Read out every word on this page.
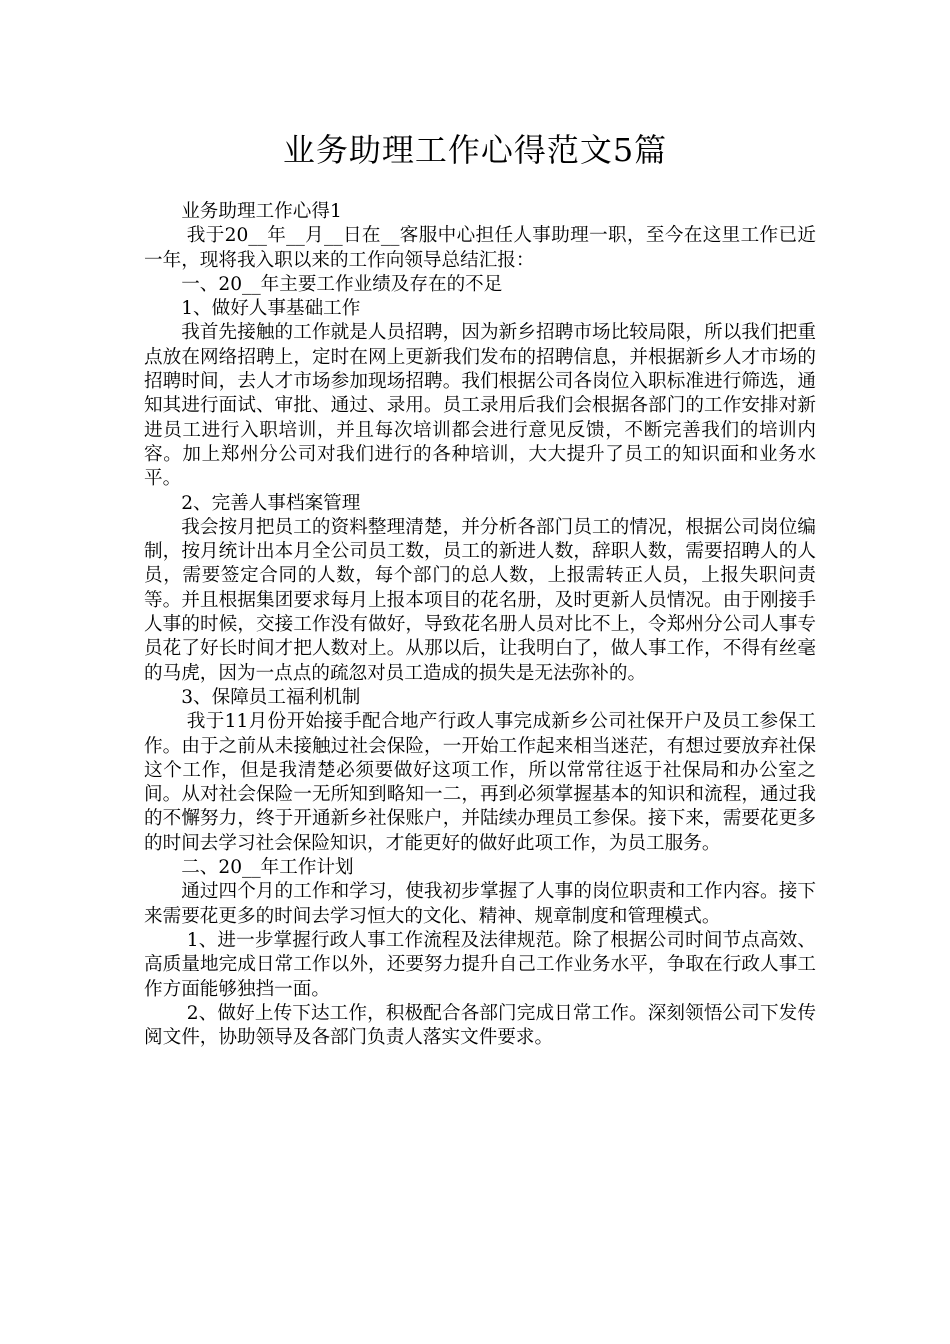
业务助理工作心得范文5篇

业务助理工作心得1

我于20__年__月__日在__客服中心担任人事助理一职，至今在这里工作已近一年，现将我入职以来的工作向领导总结汇报：

一、20__年主要工作业绩及存在的不足

1、做好人事基础工作

我首先接触的工作就是人员招聘，因为新乡招聘市场比较局限，所以我们把重点放在网络招聘上，定时在网上更新我们发布的招聘信息，并根据新乡人才市场的招聘时间，去人才市场参加现场招聘。我们根据公司各岗位入职标准进行筛选，通知其进行面试、审批、通过、录用。员工录用后我们会根据各部门的工作安排对新进员工进行入职培训，并且每次培训都会进行意见反馈，不断完善我们的培训内容。加上郑州分公司对我们进行的各种培训，大大提升了员工的知识面和业务水平。

2、完善人事档案管理

我会按月把员工的资料整理清楚，并分析各部门员工的情况，根据公司岗位编制，按月统计出本月全公司员工数，员工的新进人数，辞职人数，需要招聘人的人员，需要签定合同的人数，每个部门的总人数，上报需转正人员，上报失职问责等。并且根据集团要求每月上报本项目的花名册，及时更新人员情况。由于刚接手人事的时候，交接工作没有做好，导致花名册人员对比不上，令郑州分公司人事专员花了好长时间才把人数对上。从那以后，让我明白了，做人事工作，不得有丝毫的马虎，因为一点点的疏忽对员工造成的损失是无法弥补的。

3、保障员工福利机制

我于11月份开始接手配合地产行政人事完成新乡公司社保开户及员工参保工作。由于之前从未接触过社会保险，一开始工作起来相当迷茫，有想过要放弃社保这个工作，但是我清楚必须要做好这项工作，所以常常往返于社保局和办公室之间。从对社会保险一无所知到略知一二，再到必须掌握基本的知识和流程，通过我的不懈努力，终于开通新乡社保账户，并陆续办理员工参保。接下来，需要花更多的时间去学习社会保险知识，才能更好的做好此项工作，为员工服务。

二、20__年工作计划

通过四个月的工作和学习，使我初步掌握了人事的岗位职责和工作内容。接下来需要花更多的时间去学习恒大的文化、精神、规章制度和管理模式。

1、进一步掌握行政人事工作流程及法律规范。除了根据公司时间节点高效、高质量地完成日常工作以外，还要努力提升自己工作业务水平，争取在行政人事工作方面能够独挡一面。

2、做好上传下达工作，积极配合各部门完成日常工作。深刻领悟公司下发传阅文件，协助领导及各部门负责人落实文件要求。
